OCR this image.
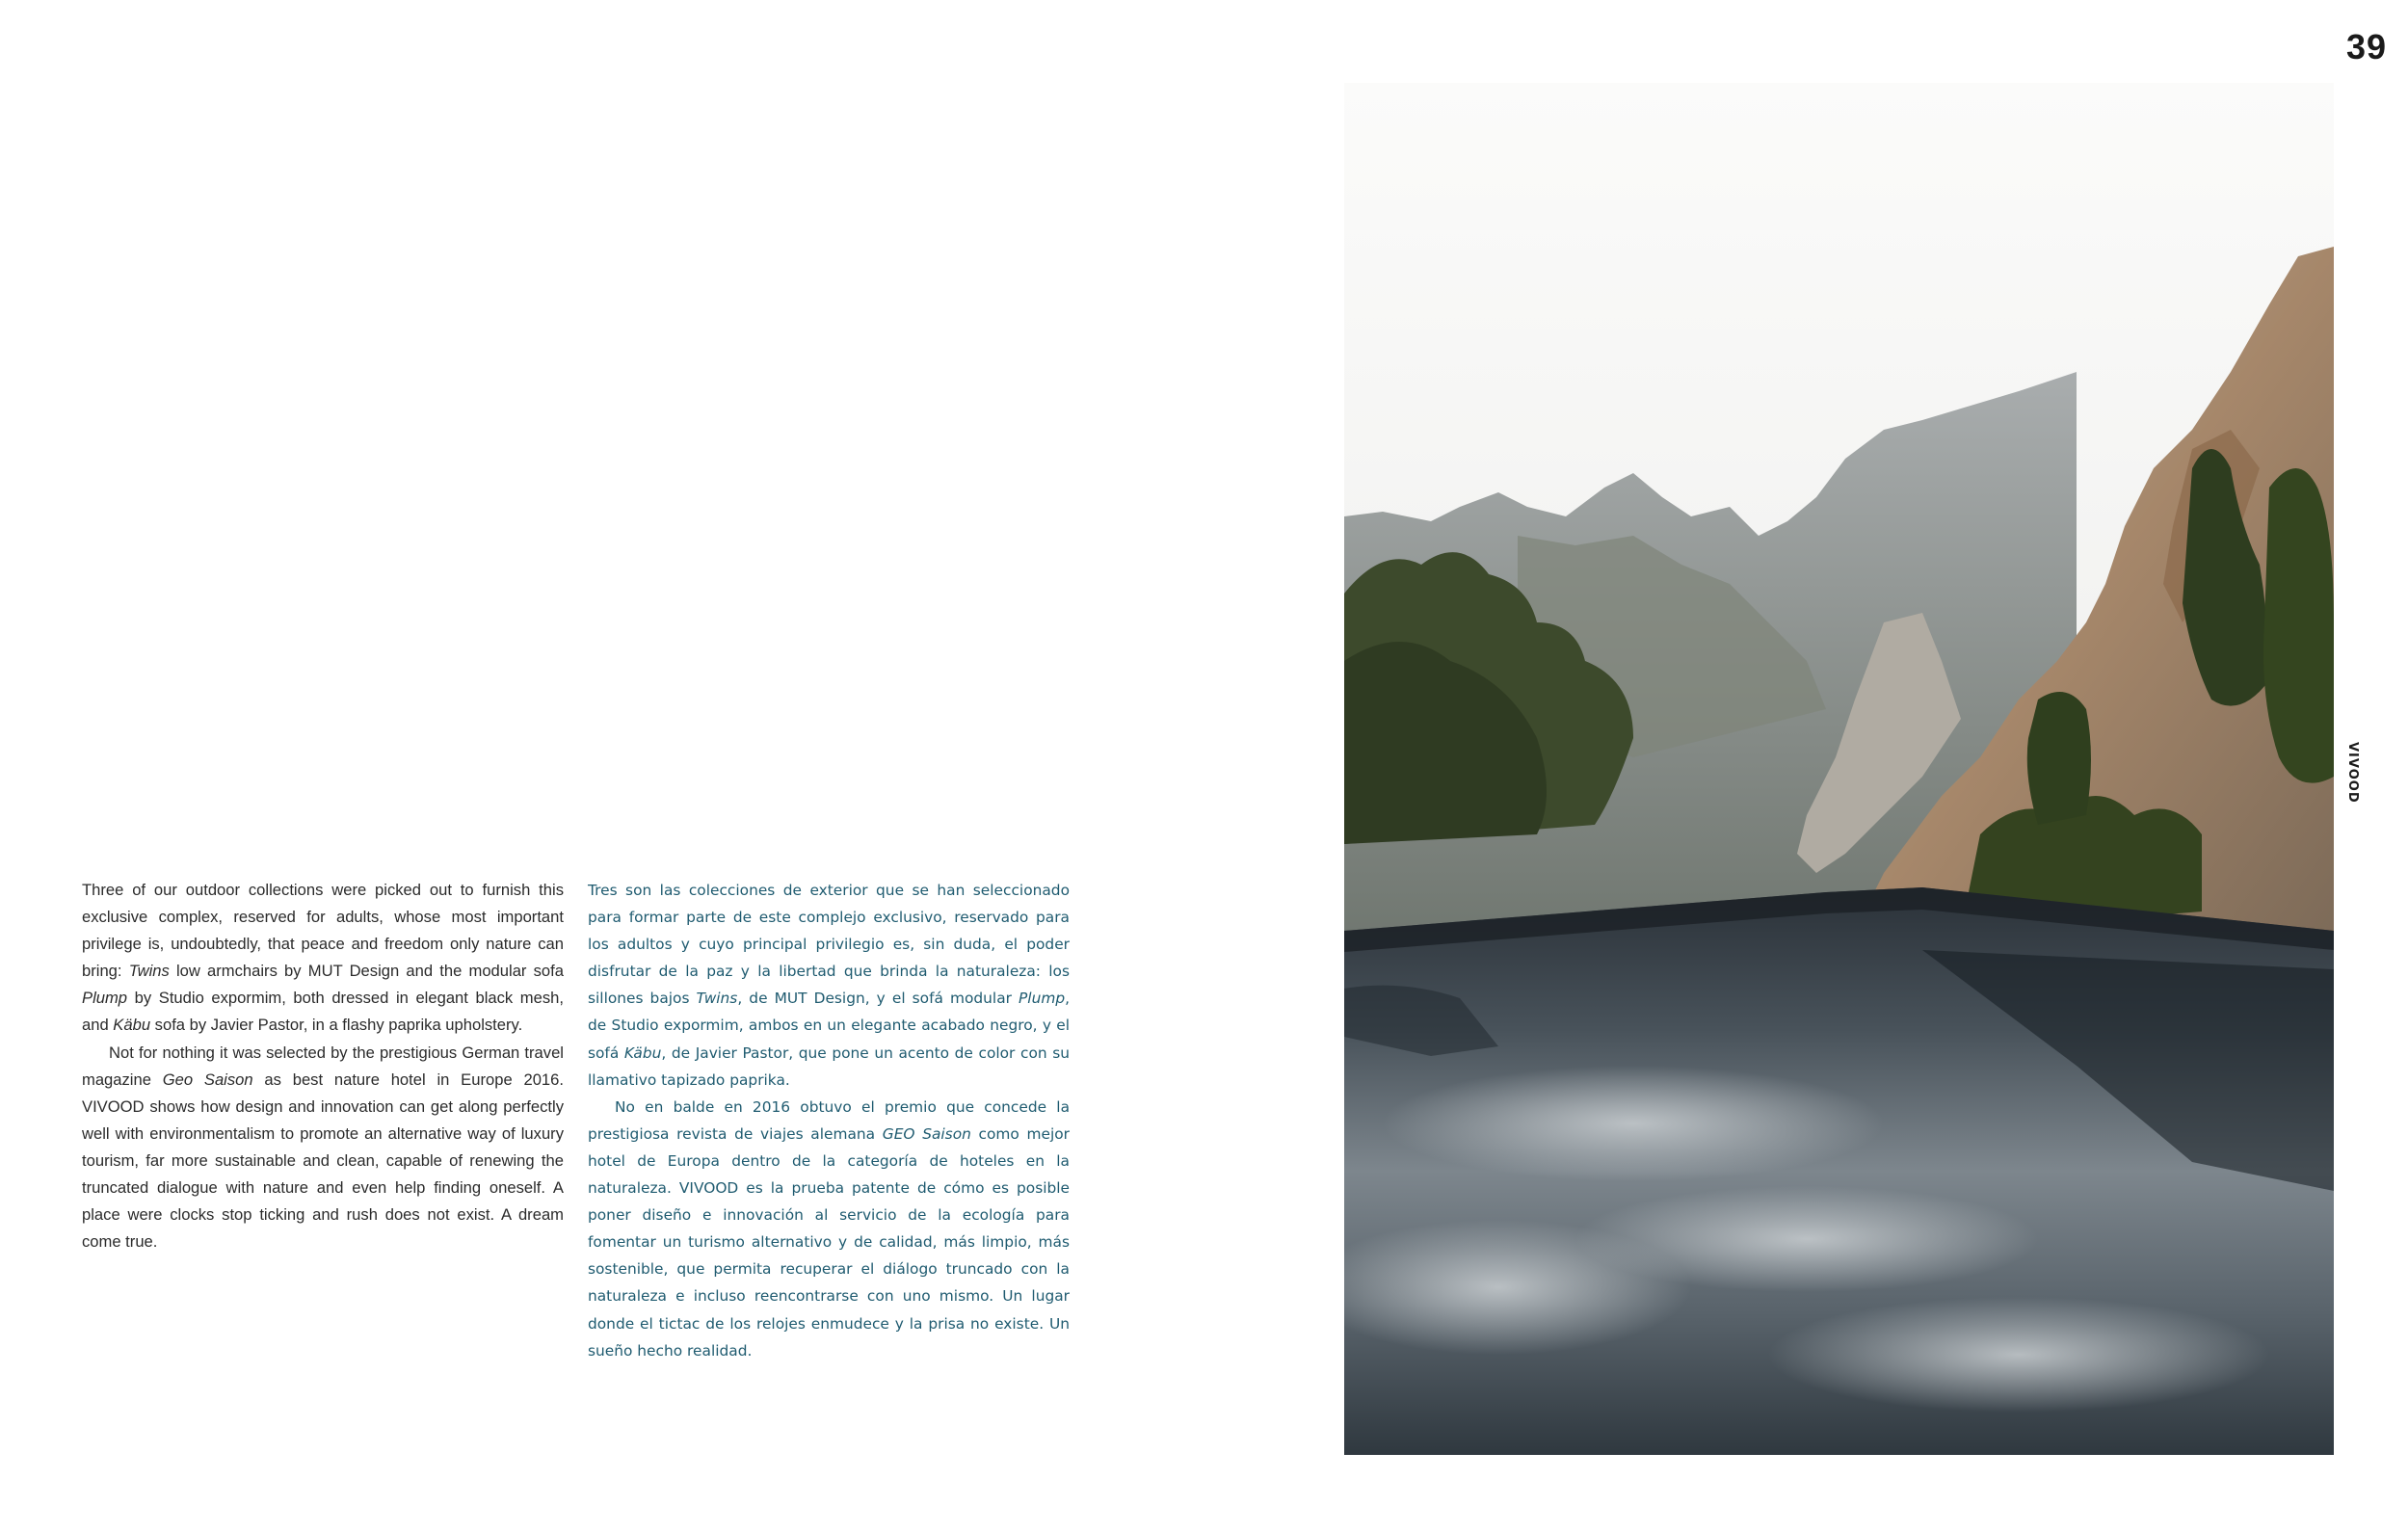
39
VIVOOD

Three of our outdoor collections were picked out to furnish this exclusive complex, reserved for adults, whose most important privilege is, undoubtedly, that peace and freedom only nature can bring: Twins low armchairs by MUT Design and the modular sofa Plump by Studio expormim, both dressed in elegant black mesh, and Käbu sofa by Javier Pastor, in a flashy paprika upholstery.

Not for nothing it was selected by the prestigious German travel magazine Geo Saison as best nature hotel in Europe 2016. VIVOOD shows how design and innovation can get along perfectly well with environmentalism to promote an alternative way of luxury tourism, far more sustainable and clean, capable of renewing the truncated dialogue with nature and even help finding oneself. A place were clocks stop ticking and rush does not exist. A dream come true.

Tres son las colecciones de exterior que se han seleccionado para formar parte de este complejo exclusivo, reservado para los adultos y cuyo principal privilegio es, sin duda, el poder disfrutar de la paz y la libertad que brinda la naturaleza: los sillones bajos Twins, de MUT Design, y el sofá modular Plump, de Studio expormim, ambos en un elegante acabado negro, y el sofá Käbu, de Javier Pastor, que pone un acento de color con su llamativo tapizado paprika.

No en balde en 2016 obtuvo el premio que concede la prestigiosa revista de viajes alemana GEO Saison como mejor hotel de Europa dentro de la categoría de hoteles en la naturaleza. VIVOOD es la prueba patente de cómo es posible poner diseño e innovación al servicio de la ecología para fomentar un turismo alternativo y de calidad, más limpio, más sostenible, que permita recuperar el diálogo truncado con la naturaleza e incluso reencontrarse con uno mismo. Un lugar donde el tictac de los relojes enmudece y la prisa no existe. Un sueño hecho realidad.
